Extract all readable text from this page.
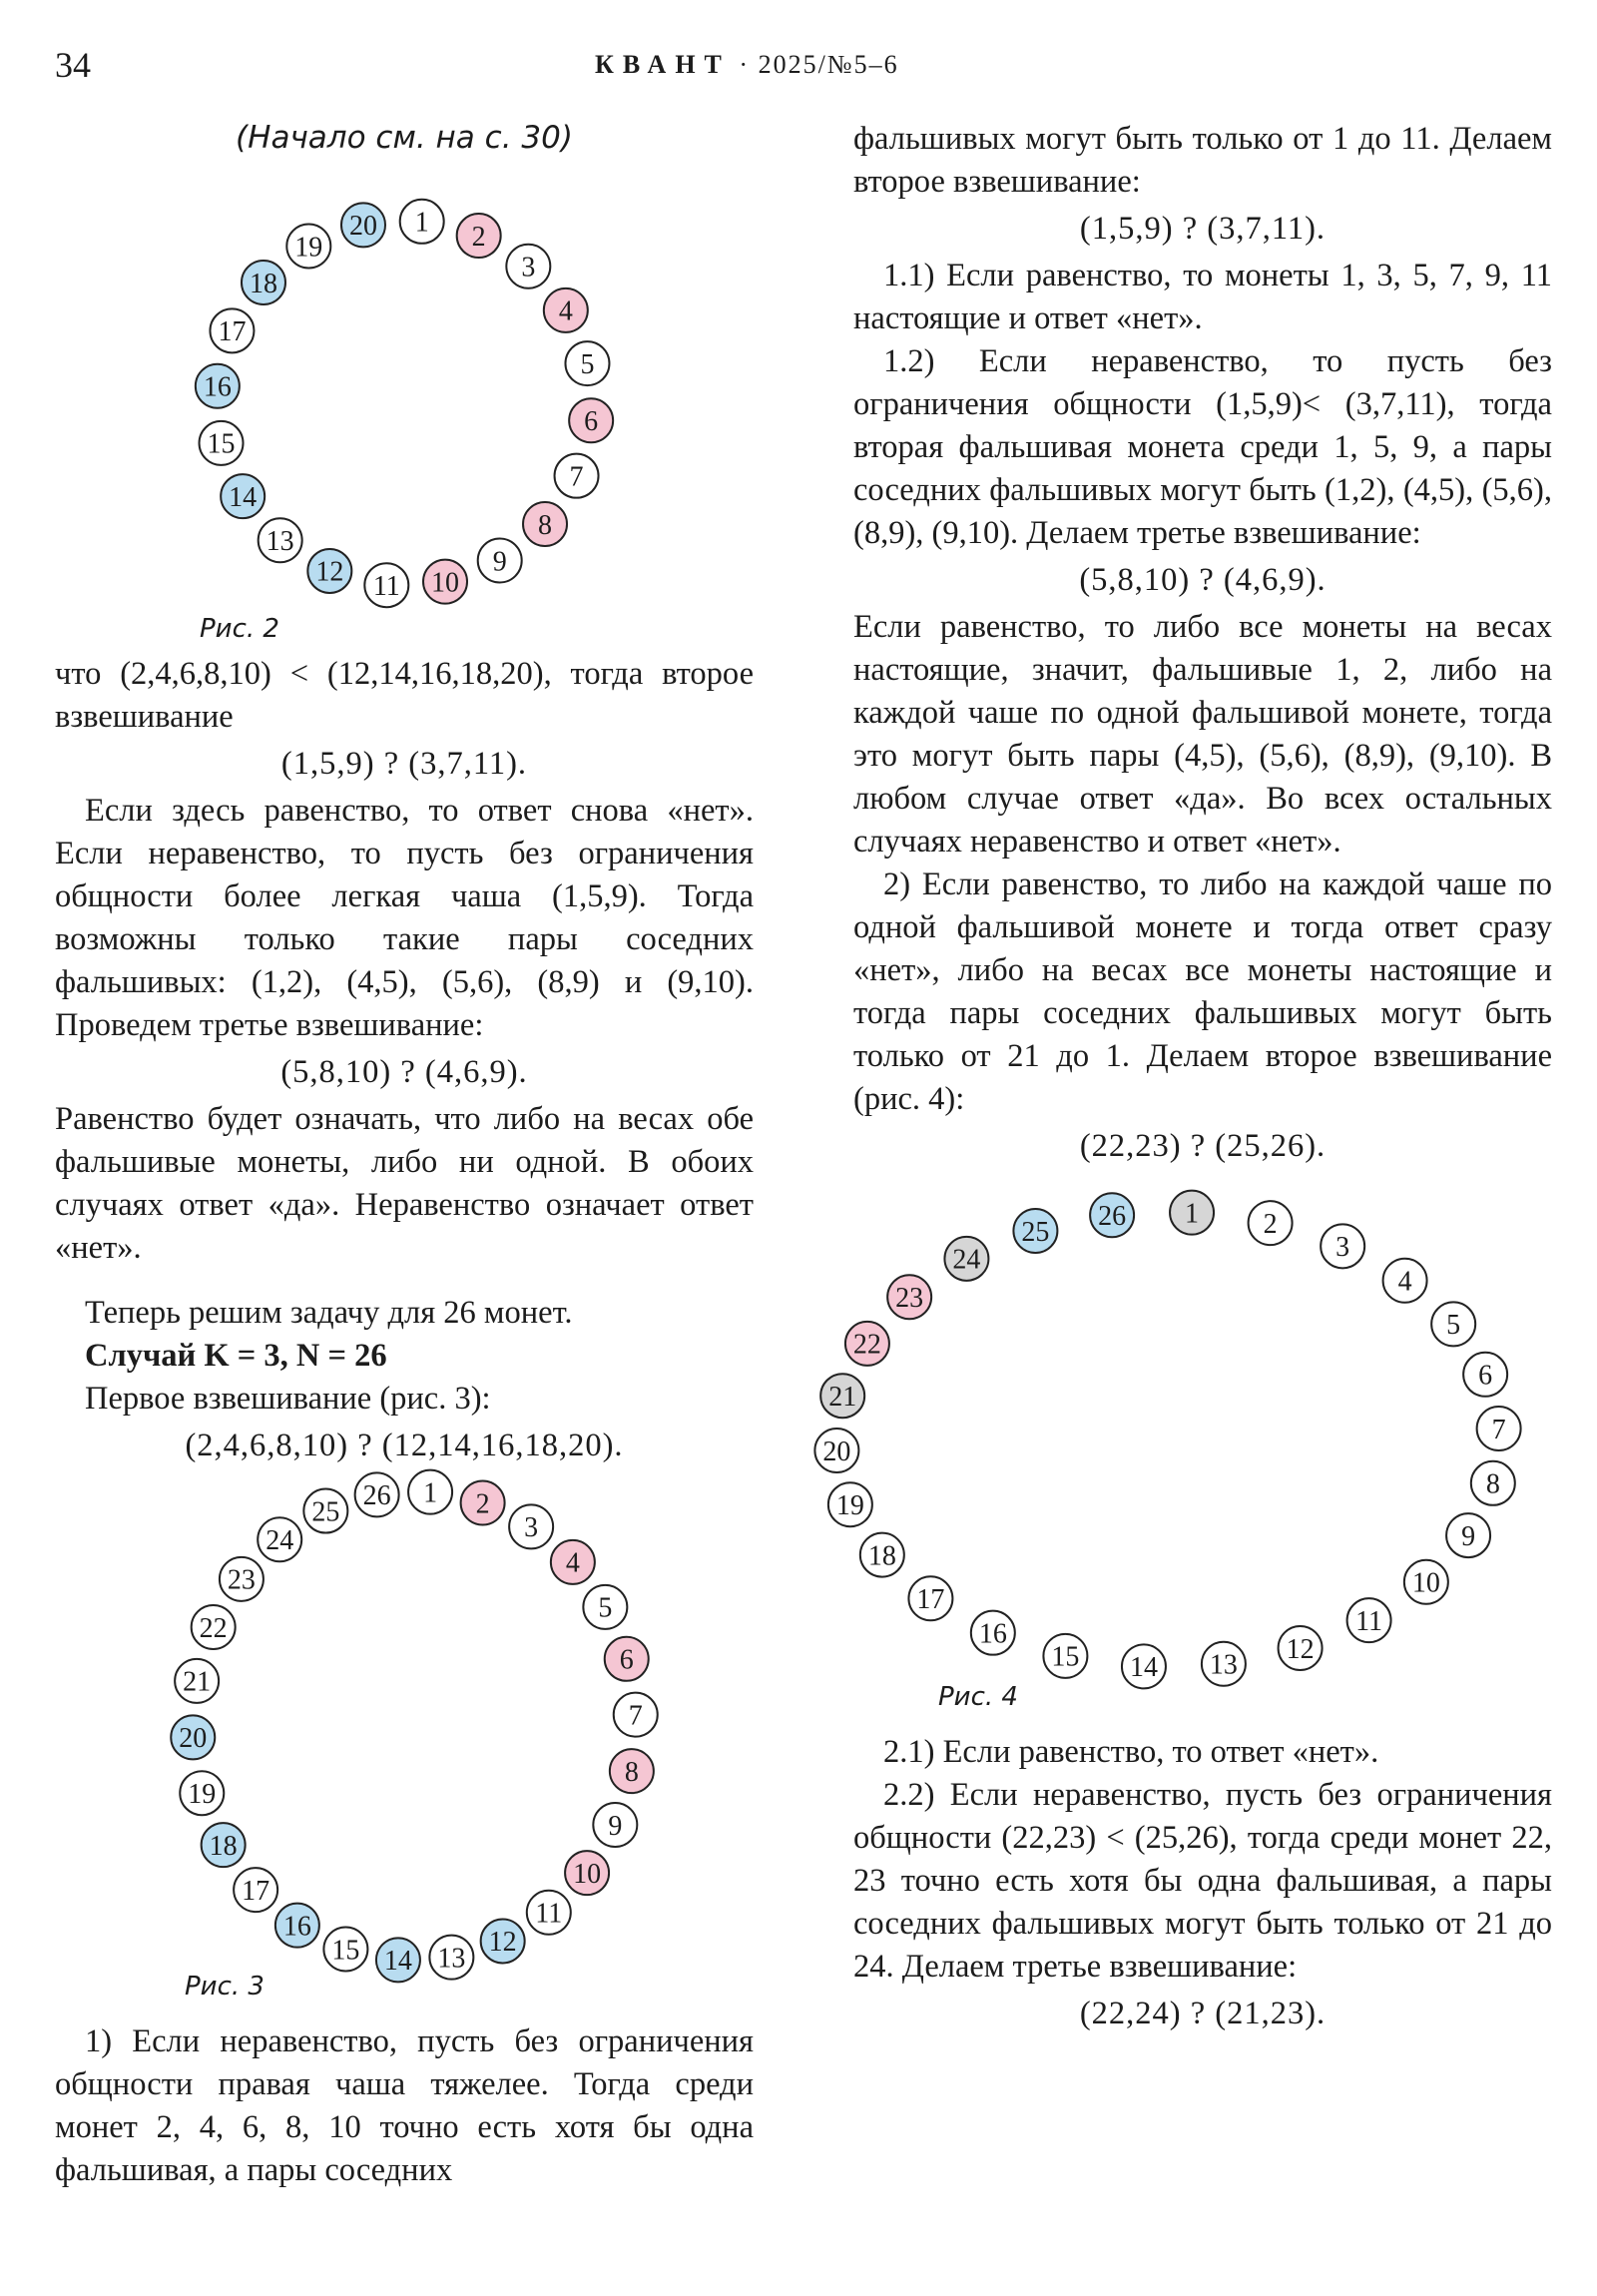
34	КВАНТ · 2025/№5–6
(Начало см. на с. 30)
1 2
3
4
5
6
7
8
9
10
11
12
13
14
15
16
17
18
19
20
Рис. 2

что (2,4,6,8,10) < (12,14,16,18,20), тогда второе взвешивание

(1,5,9) ? (3,7,11).

Если здесь равенство, то ответ снова «нет». Если неравенство, то пусть без ограничения общности более легкая чаша (1,5,9). Тогда возможны только такие пары соседних фальшивых: (1,2), (4,5), (5,6), (8,9) и (9,10). Проведем третье взвешивание:

(5,8,10) ? (4,6,9).

Равенство будет означать, что либо на весах обе фальшивые монеты, либо ни одной. В обоих случаях ответ «да». Неравенство означает ответ «нет».

Теперь решим задачу для 26 монет.

Случай K = 3, N = 26

Первое взвешивание (рис. 3):

(2,4,6,8,10) ? (12,14,16,18,20).
1 2
3
4
5
6
7
8
9
10
11
12
13
14
15
16
17
18
19
20
21
22
23
24
25
26
Рис. 3

1) Если неравенство, пусть без ограничения общности правая чаша тяжелее. Тогда среди монет 2, 4, 6, 8, 10 точно есть хотя бы одна фальшивая, а пары соседних

фальшивых могут быть только от 1 до 11. Делаем второе взвешивание:

(1,5,9) ? (3,7,11).

1.1) Если равенство, то монеты 1, 3, 5, 7, 9, 11 настоящие и ответ «нет».

1.2) Если неравенство, то пусть без ограничения общности (1,5,9)< (3,7,11), тогда вторая фальшивая монета среди 1, 5, 9, а пары соседних фальшивых могут быть (1,2), (4,5), (5,6), (8,9), (9,10). Делаем третье взвешивание:

(5,8,10) ? (4,6,9).

Если равенство, то либо все монеты на весах настоящие, значит, фальшивые 1, 2, либо на каждой чаше по одной фальшивой монете, тогда это могут быть пары (4,5), (5,6), (8,9), (9,10). В любом случае ответ «да». Во всех остальных случаях неравенство и ответ «нет».

2) Если равенство, то либо на каждой чаше по одной фальшивой монете и тогда ответ сразу «нет», либо на весах все монеты настоящие и тогда пары соседних фальшивых могут быть только от 21 до 1. Делаем второе взвешивание (рис. 4):

(22,23) ? (25,26).
1 2
3
4
5
6
7
8
9
10
11
12
13
14
15
16
17
18
19
20
21
22
23
24
25
26
Рис. 4

2.1) Если равенство, то ответ «нет».

2.2) Если неравенство, пусть без ограничения общности (22,23) < (25,26), тогда среди монет 22, 23 точно есть хотя бы одна фальшивая, а пары соседних фальшивых могут быть только от 21 до 24. Делаем третье взвешивание:

(22,24) ? (21,23).
